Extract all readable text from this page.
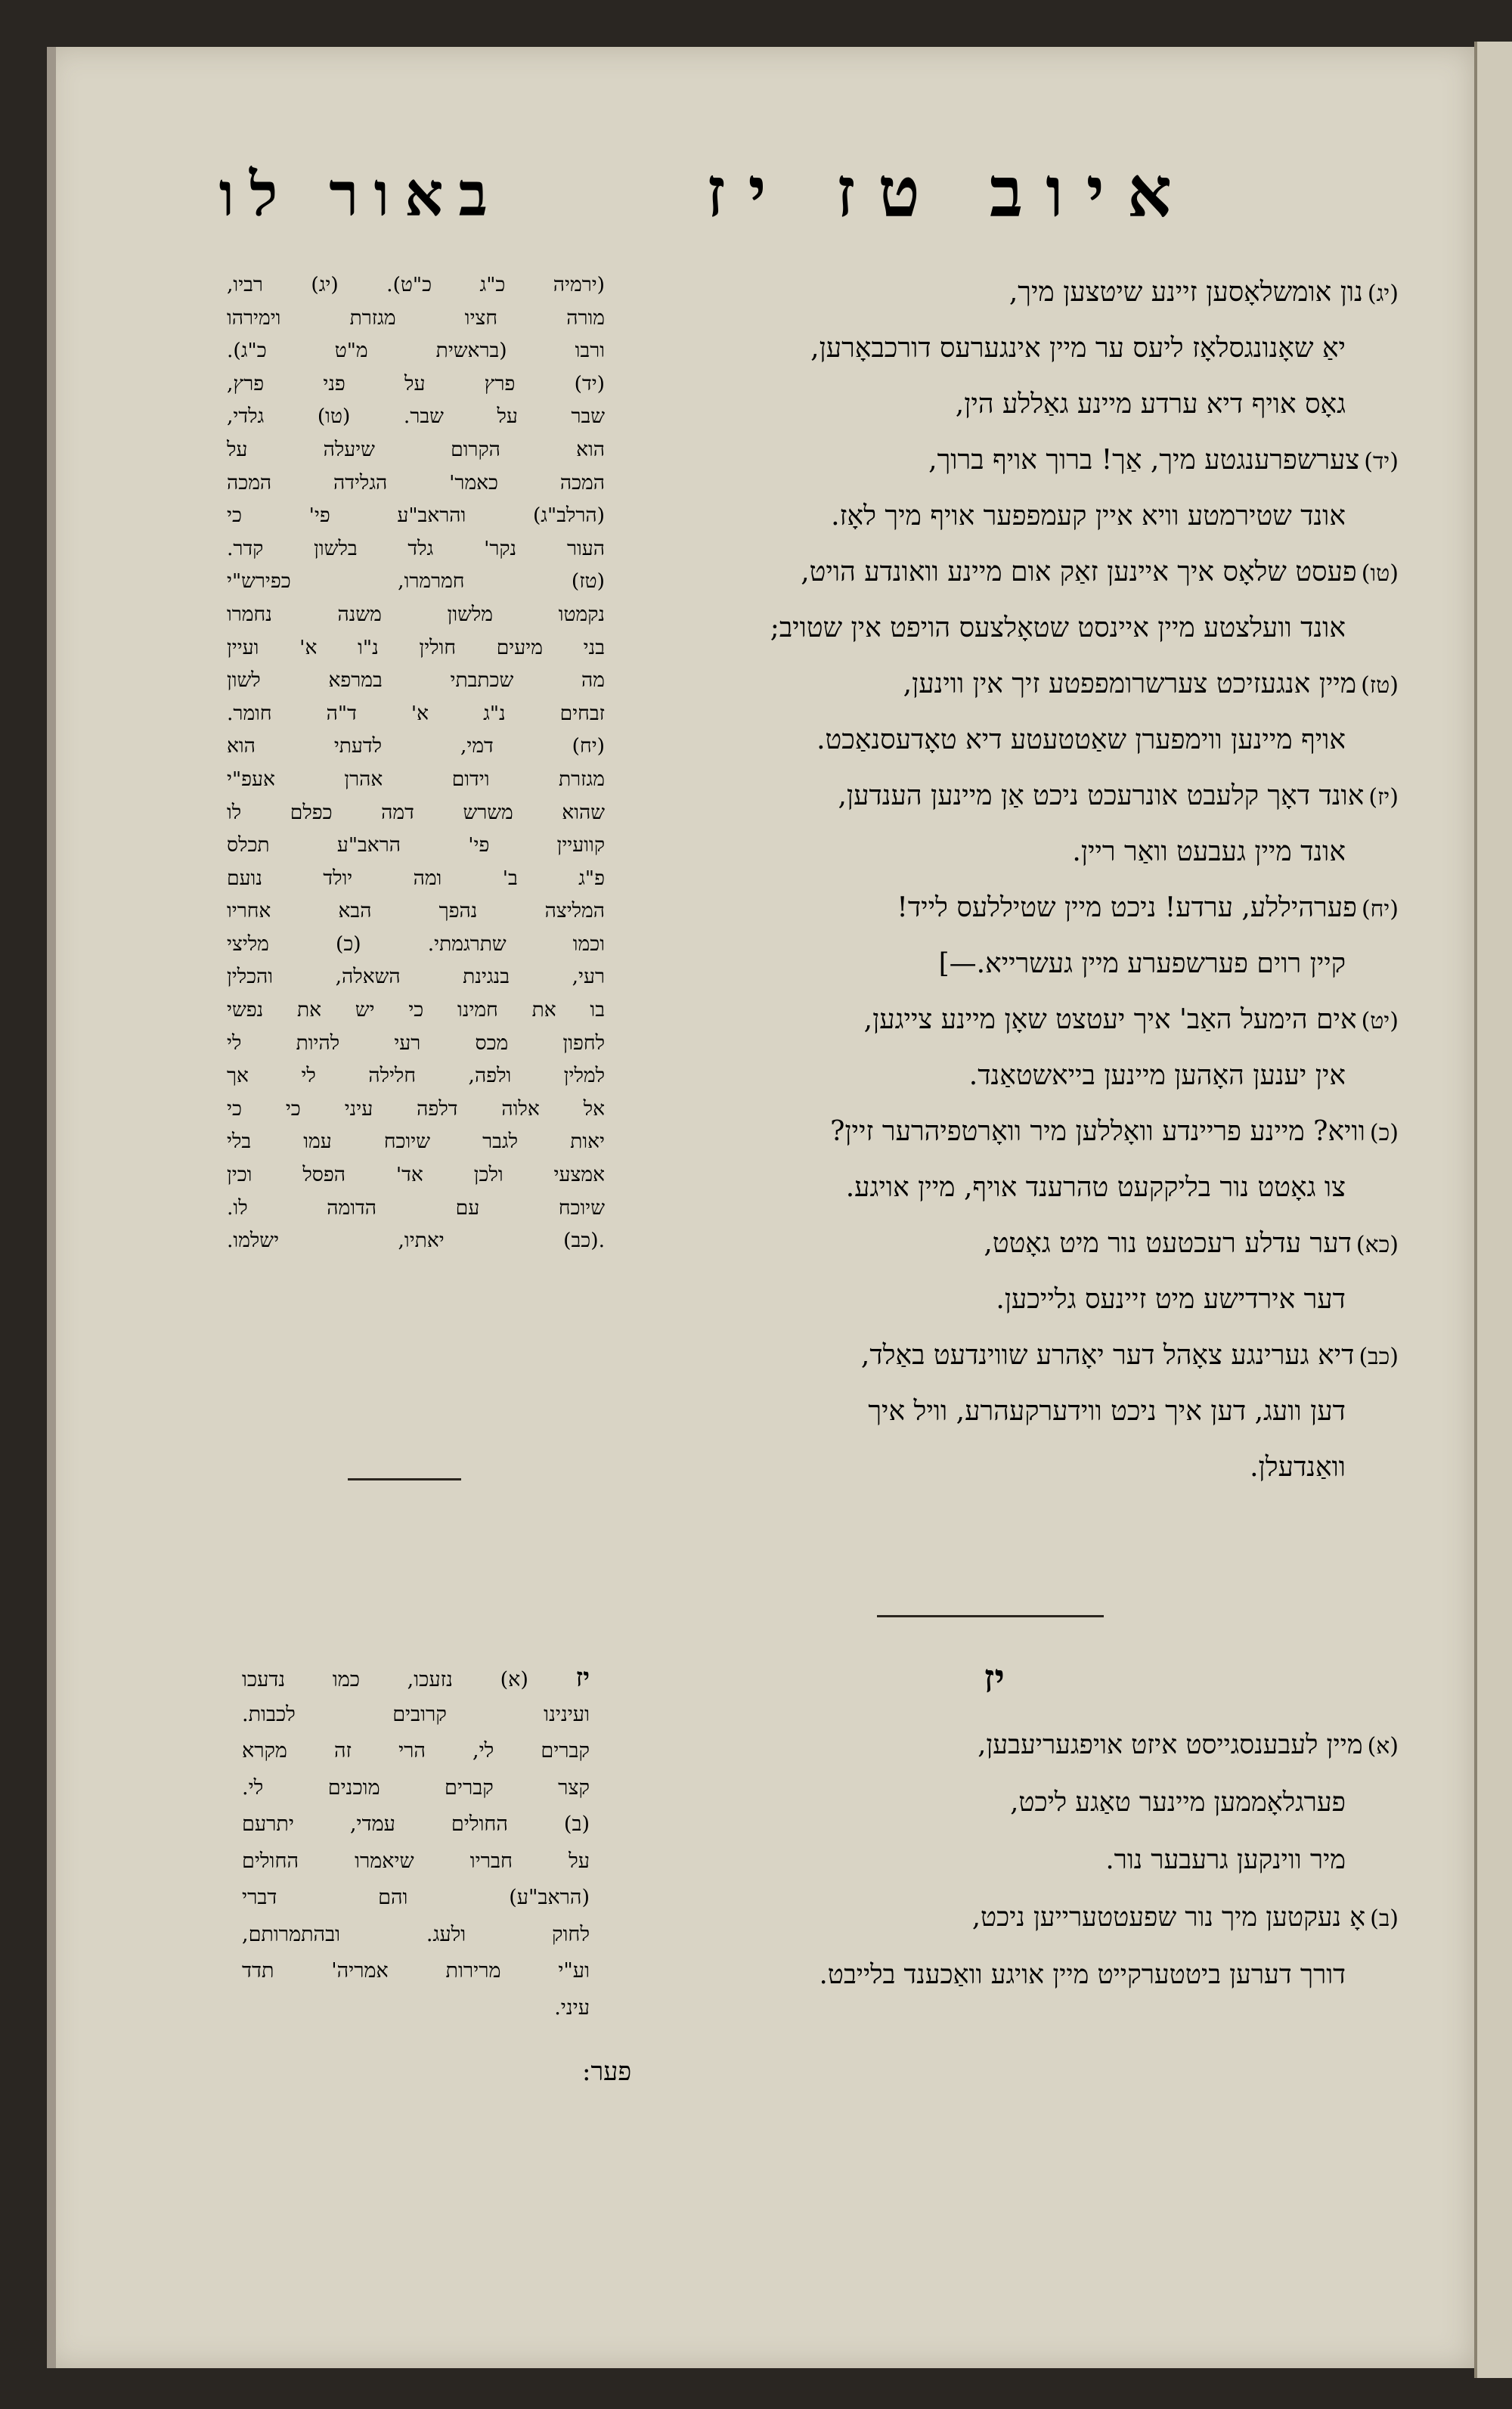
איוב טז יז
באור לו
(יג)נון אומשלאָסען זיינע שיטצען מיך,
יאַ שאָנונגסלאָז ליעס ער מיין אינגערעס דורכבאָרען,
גאָס אויף דיא ערדע מיינע גאַללע הין,
(יד)צערשפרענגטע מיך, אַך! ברוך אויף ברוך,
אונד שטירמטע וויא איין קעמפפער אויף מיך לאָז.
(טו)פעסט שלאָס איך איינען זאַק אום מיינע וואונדע הויט,
אונד וועלצטע מיין איינסט שטאָלצעס הויפט אין שטויב;
(טז)מיין אנגעזיכט צערשרומפפטע זיך אין ווינען,
אויף מיינען ווימפערן שאַטטעטע דיא טאָדעסנאַכט.
(יז)אונד דאָך קלעבט אונרעכט ניכט אַן מיינען הענדען,
אונד מיין געבעט וואַר ריין.
(יח)פערהיללע, ערדע! ניכט מיין שטיללעס לייד!
קיין רוים פערשפערע מיין געשרייא.—]
(יט)אים הימעל האַב' איך יעטצט שאָן מיינע צייגען,
אין יענען האָהען מיינען בייאשטאַנד.
(כ)וויא? מיינע פריינדע וואָללען מיר וואָרטפיהרער זיין?
צו גאָטט נור בליקקעט טהרענד אויף, מיין אויגע.
(כא)דער עדלע רעכטעט נור מיט גאָטט,
דער אירדישע מיט זיינעס גלייכען.
(כב)דיא גערינגע צאָהל דער יאָהרע שווינדעט באַלד,
דען וועג, דען איך ניכט ווידערקעהרע, וויל איך
וואַנדעלן.
יז
(א)מיין לעבענסגייסט איזט אויפגעריעבען,
פערגלאָממען מיינער טאַגע ליכט,
מיר ווינקען גרעבער נור.
(ב)אָ נעקטען מיך נור שפעטטערייען ניכט,
דורך דערען ביטטערקייט מיין אויגע וואַכענד בלייבט.
פער:
(ירמיה כ"ג כ"ט). (יג) רביו,
מורה חציו מגזרת וימירהו
ורבו (בראשית מ"ט כ"ג).
(יד) פרץ על פני פרץ,
שבר על שבר. (טו) גלדי,
הוא הקרום שיעלה על
המכה כאמר' הגלידה המכה
(הרלב"ג) והראב"ע פי' כי
העור נקר' גלד בלשון קדר.
(טז) חמרמרו, כפירש"י
נקמטו מלשון משנה נחמרו
בני מיעים חולין נ"ו א' ועיין
מה שכתבתי במרפא לשון
זבחים נ"ג א' ד"ה חומר.
(יח) דמי, לדעתי הוא
מגזרת וידום אהרן אעפ"י
שהוא משרש דמה כפלם לו
קוועיין פי' הראב"ע תכלס
פ"ג ב' ומה יולד נועם
המליצה נהפך הבא אחריו
וכמו שתרגמתי. (כ) מליצי
רעי, בנגינת השאלה, והכלין
בו את חמינו כי יש את נפשי
לחפון מכס רעי להיות לי
למלין ולפה, חלילה לי אך
אל אלוה דלפה עיני כי כי
יאות לגבר שיוכח עמו בלי
אמצעי ולכן אד' הפסל וכין
שיוכח עם הדומה לו.
.(כב) יאתיו, ישלמו.
יז (א) נזעכו, כמו נדעכו
ועינינו קרובים לכבות.
קברים לי, הרי זה מקרא
קצר קברים מוכנים לי.
(ב) החולים עמדי, יתרעם
על חבריו שיאמרו החולים
(הראב"ע) והם דברי
לחוק ולעג. ובהתמרותם,
וע"י מרירות אמריה' תדד
עיני.
